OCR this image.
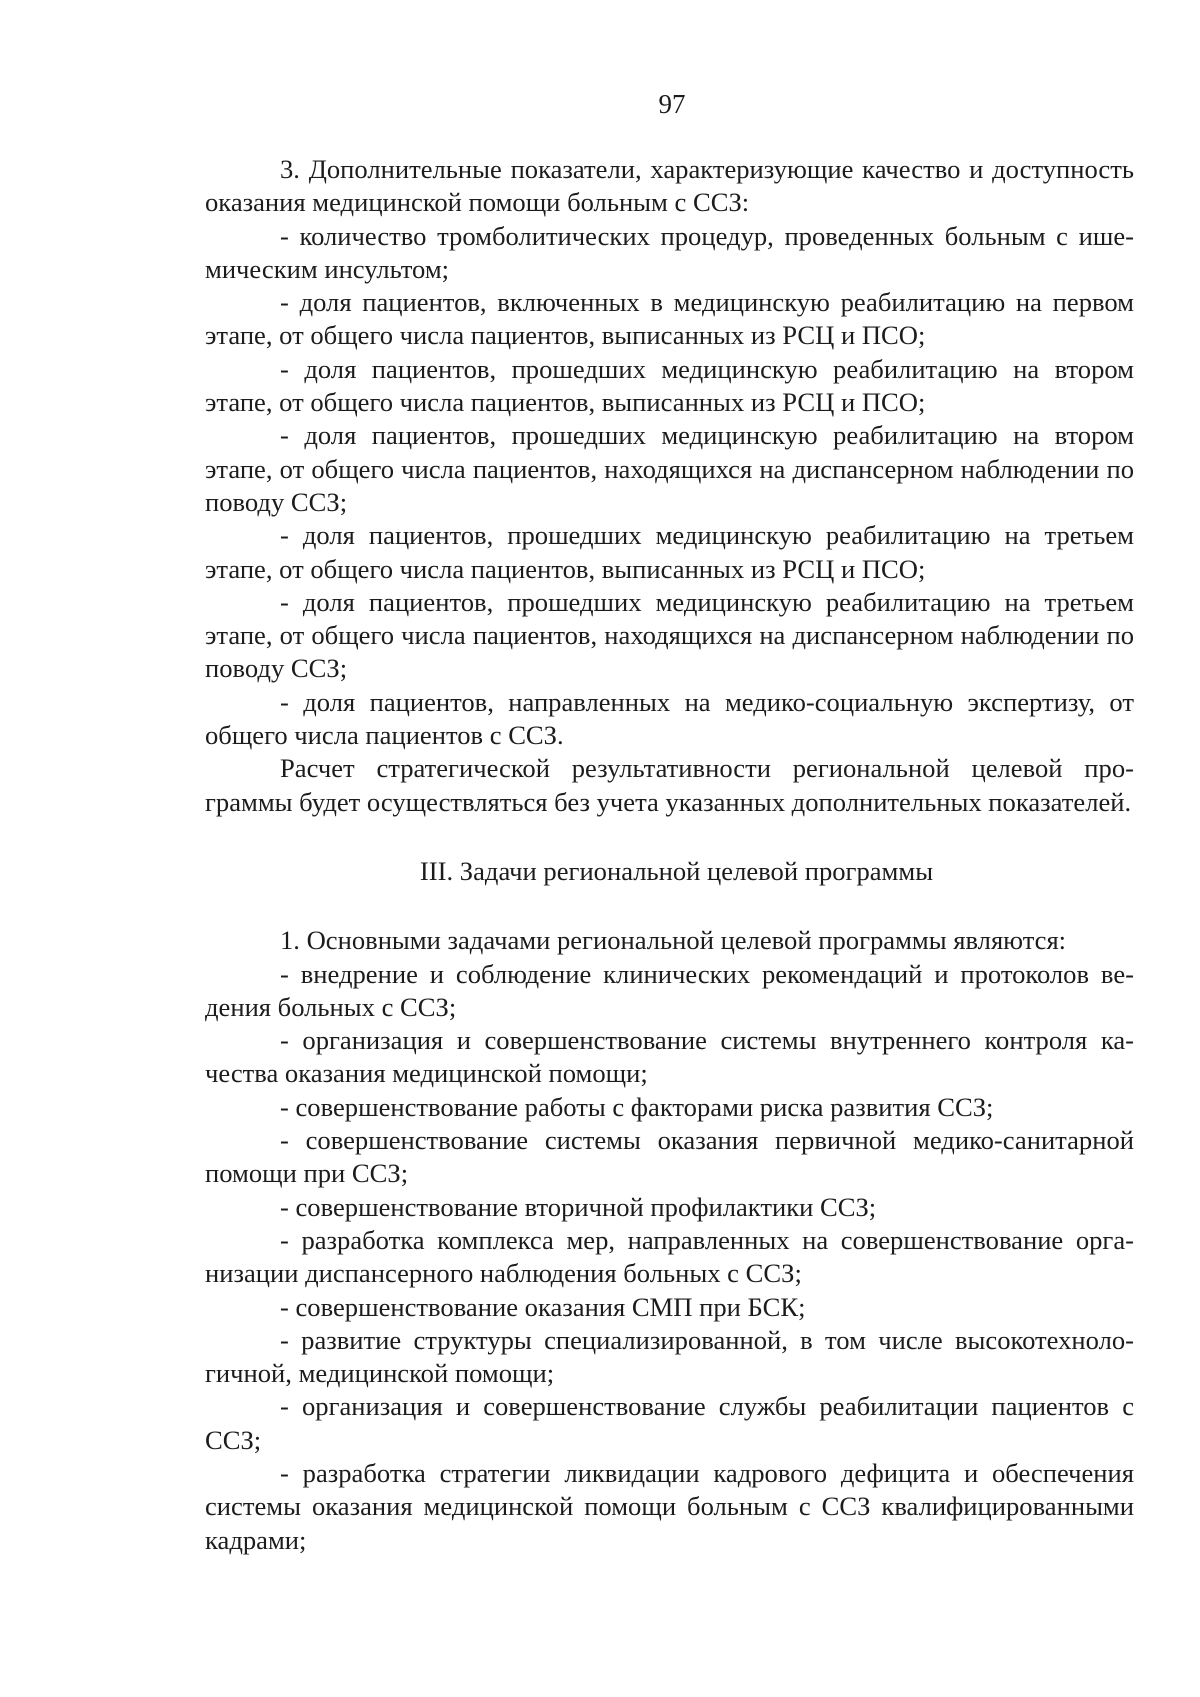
97

3. Дополнительные показатели, характеризующие качество и доступность оказания медицинской помощи больным с ССЗ:

- количество тромболитических процедур, проведенных больным с ишемическим инсультом;

- доля пациентов, включенных в медицинскую реабилитацию на первом этапе, от общего числа пациентов, выписанных из РСЦ и ПСО;

- доля пациентов, прошедших медицинскую реабилитацию на втором этапе, от общего числа пациентов, выписанных из РСЦ и ПСО;

- доля пациентов, прошедших медицинскую реабилитацию на втором этапе, от общего числа пациентов, находящихся на диспансерном наблюдении по поводу ССЗ;

- доля пациентов, прошедших медицинскую реабилитацию на третьем этапе, от общего числа пациентов, выписанных из РСЦ и ПСО;

- доля пациентов, прошедших медицинскую реабилитацию на третьем этапе, от общего числа пациентов, находящихся на диспансерном наблюдении по поводу ССЗ;

- доля пациентов, направленных на медико-социальную экспертизу, от общего числа пациентов с ССЗ.

Расчет стратегической результативности региональной целевой программы будет осуществляться без учета указанных дополнительных показателей.

III. Задачи региональной целевой программы

1. Основными задачами региональной целевой программы являются:

- внедрение и соблюдение клинических рекомендаций и протоколов ведения больных с ССЗ;

- организация и совершенствование системы внутреннего контроля качества оказания медицинской помощи;

- совершенствование работы с факторами риска развития ССЗ;

- совершенствование системы оказания первичной медико-санитарной помощи при ССЗ;

- совершенствование вторичной профилактики ССЗ;

- разработка комплекса мер, направленных на совершенствование организации диспансерного наблюдения больных с ССЗ;

- совершенствование оказания СМП при БСК;

- развитие структуры специализированной, в том числе высокотехнологичной, медицинской помощи;

- организация и совершенствование службы реабилитации пациентов с ССЗ;

- разработка стратегии ликвидации кадрового дефицита и обеспечения системы оказания медицинской помощи больным с ССЗ квалифицированными кадрами;
